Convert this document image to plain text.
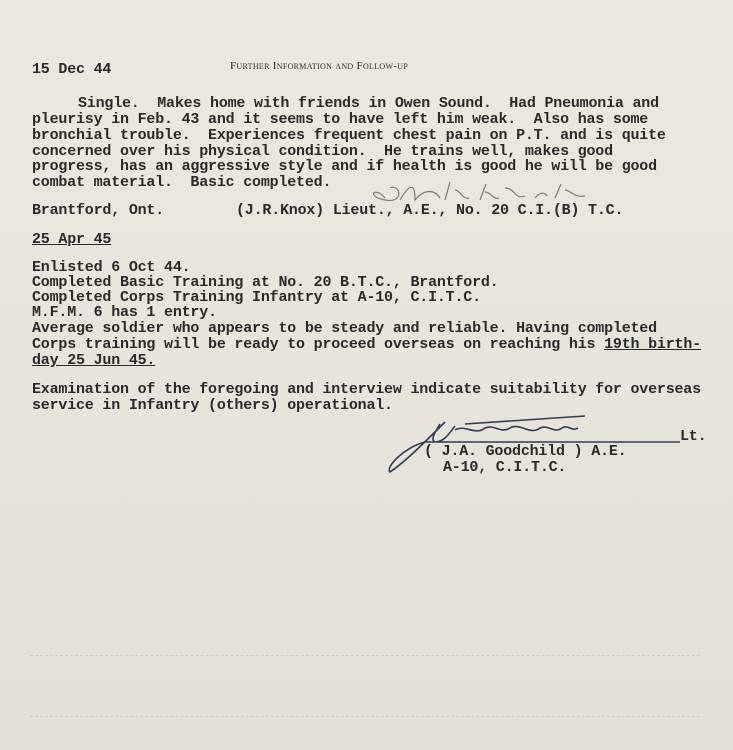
15 Dec 44	Further Information and Follow-up
Single.  Makes home with friends in Owen Sound.  Had Pneumonia and
pleurisy in Feb. 43 and it seems to have left him weak.  Also has some
bronchial trouble.  Experiences frequent chest pain on P.T. and is quite
concerned over his physical condition.  He trains well, makes good
progress, has an aggressive style and if health is good he will be good
combat material.  Basic completed.
Brantford, Ont.	(J.R.Knox) Lieut., A.E., No. 20 C.I.(B) T.C.
25 Apr 45
Enlisted 6 Oct 44.
Completed Basic Training at No. 20 B.T.C., Brantford.
Completed Corps Training Infantry at A-10, C.I.T.C.
M.F.M. 6 has 1 entry.
Average soldier who appears to be steady and reliable. Having completed
Corps training will be ready to proceed overseas on reaching his 19th birth-
day 25 Jun 45.
Examination of the foregoing and interview indicate suitability for overseas
service in Infantry (others) operational.
Lt.
( J.A. Goodchild ) A.E.
A-10, C.I.T.C.
